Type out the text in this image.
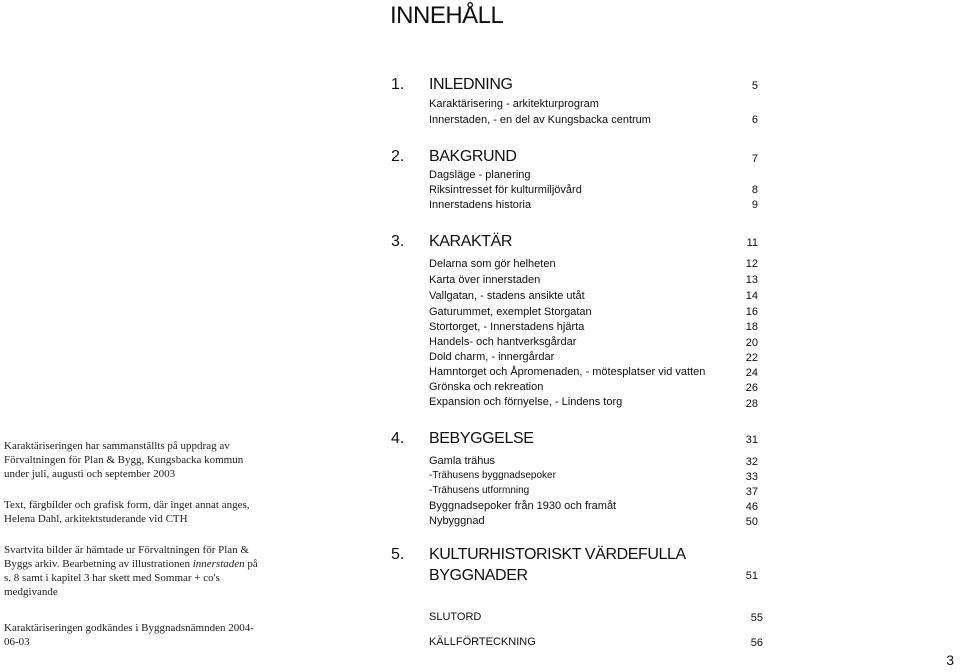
INNEHÅLL
1. INLEDNING	5
Karaktärisering - arkitekturprogram
Innerstaden, - en del av Kungsbacka centrum	6
2. BAKGRUND	7
Dagsläge - planering
Riksintresset för kulturmiljövård	8
Innerstadens historia	9
3. KARAKTÄR	11
Delarna som gör helheten	12
Karta över innerstaden	13
Vallgatan, - stadens ansikte utåt	14
Gaturummet, exemplet Storgatan	16
Stortorget, - Innerstadens hjärta	18
Handels- och hantverksgårdar	20
Dold charm, - innergårdar	22
Hamntorget och Åpromenaden, - mötesplatser vid vatten	24
Grönska och rekreation	26
Expansion och förnyelse, - Lindens torg	28
4. BEBYGGELSE	31
Gamla trähus	32
-Trähusens byggnadsepoker	33
-Trähusens utformning	37
Byggnadsepoker från 1930 och framåt	46
Nybyggnad	50
5. KULTURHISTORISKT VÄRDEFULLA
BYGGNADER	51
SLUTORD	55
KÄLLFÖRTECKNING	56

Karaktäriseringen har sammanställts på uppdrag av Förvaltningen för Plan & Bygg, Kungsbacka kommun under juli, augusti och september 2003

Text, färgbilder och grafisk form, där inget annat anges, Helena Dahl, arkitektstuderande vid CTH

Svartvita bilder är hämtade ur Förvaltningen för Plan & Byggs arkiv. Bearbetning av illustrationen innerstaden på s. 8 samt i kapitel 3 har skett med Sommar + co's medgivande

Karaktäriseringen godkändes i Byggnadsnämnden 2004-06-03

3
